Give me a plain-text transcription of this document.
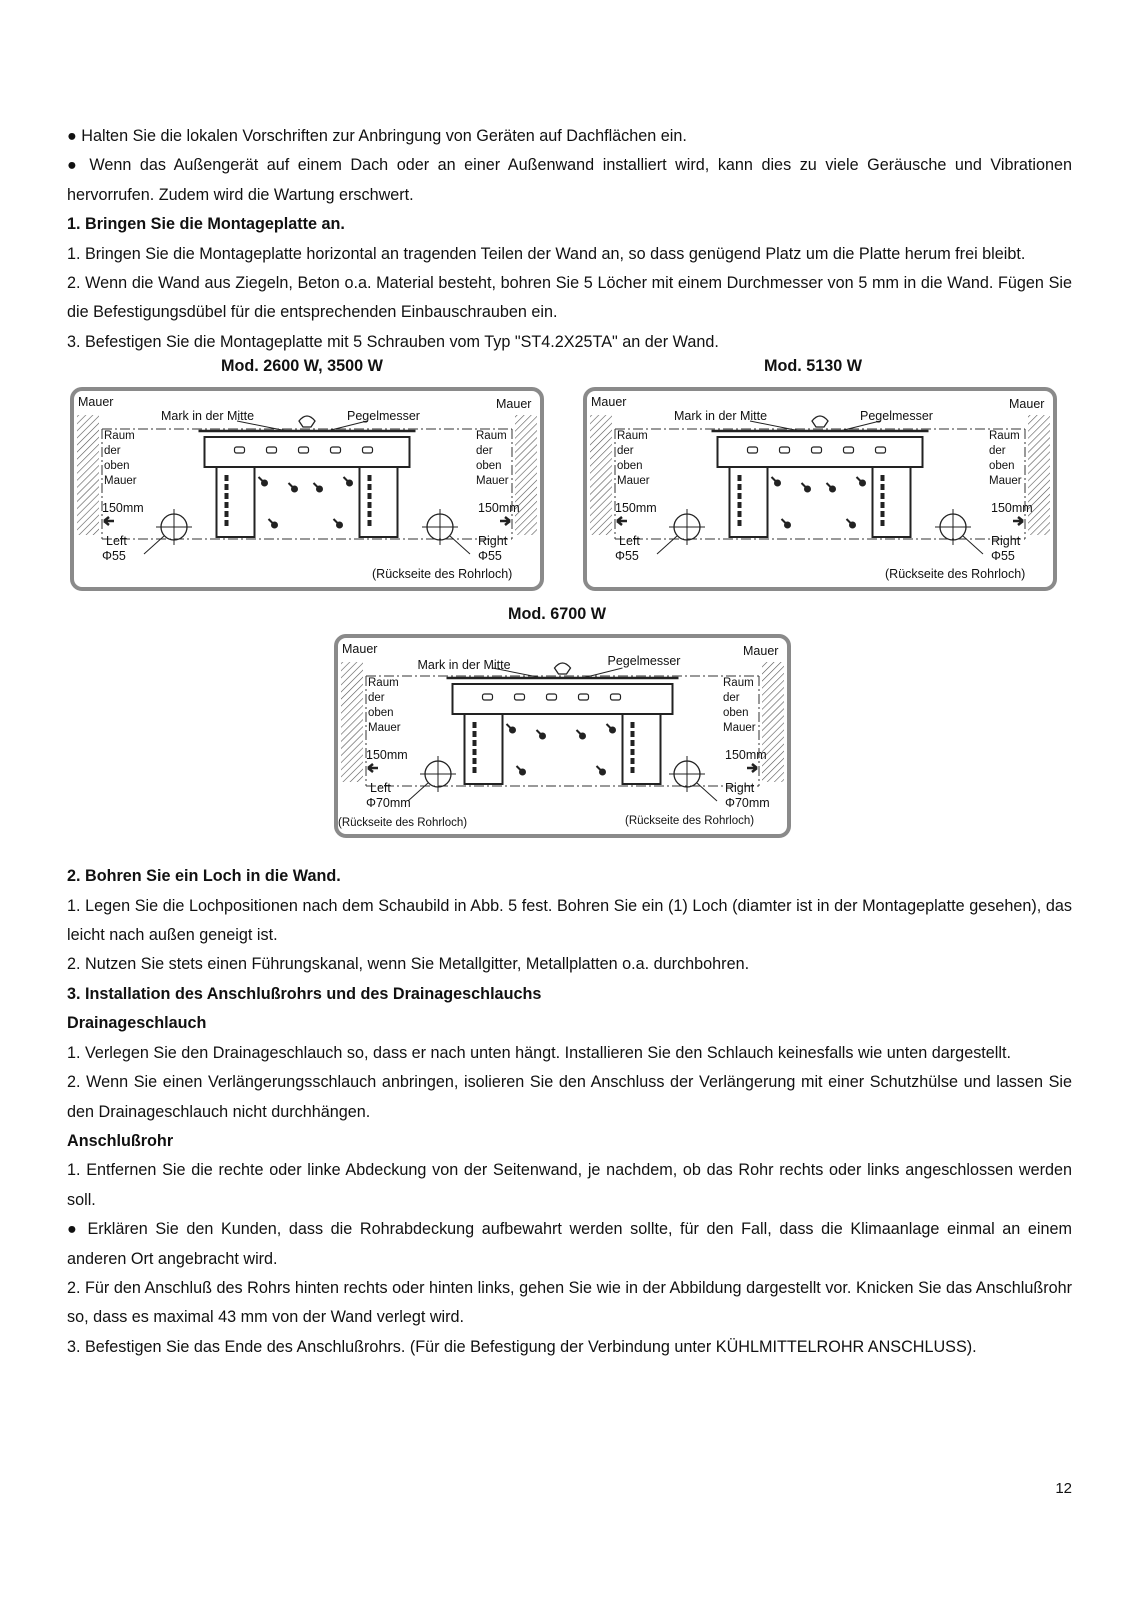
● Halten Sie die lokalen Vorschriften zur Anbringung von Geräten auf Dachflächen ein.

● Wenn das Außengerät auf einem Dach oder an einer Außenwand installiert wird, kann dies zu viele Geräusche und Vibrationen hervorrufen. Zudem wird die Wartung erschwert.

1. Bringen Sie die Montageplatte an.

1. Bringen Sie die Montageplatte horizontal an tragenden Teilen der Wand an, so dass genügend Platz um die Platte herum frei bleibt.

2. Wenn die Wand aus Ziegeln, Beton o.a. Material besteht, bohren Sie 5 Löcher mit einem Durchmesser von 5 mm in die Wand. Fügen Sie die Befestigungsdübel für die entsprechenden Einbauschrauben ein.

3. Befestigen Sie die Montageplatte mit 5 Schrauben vom Typ "ST4.2X25TA" an der Wand.

Mod. 2600 W, 3500 W	Mod. 5130 W
Mauer	Mauer
Mark in der Mitte	Pegelmesser
Raum
der
oben
Mauer
Raum
der
oben
Mauer
150mm	150mm
Left
Φ55
Right
Φ55
(Rückseite des Rohrloch)
Mauer	Mauer
Mark in der Mitte	Pegelmesser
Raum
der
oben
Mauer
Raum
der
oben
Mauer
150mm	150mm
Left
Φ55
Right
Φ55
(Rückseite des Rohrloch)
Mod. 6700 W
Mauer	Mauer
Mark in der Mitte	Pegelmesser
Raum
der
oben
Mauer
Raum
der
oben
Mauer
150mm	150mm
Left
Φ70mm
Right
Φ70mm
(Rückseite des Rohrloch)	(Rückseite des Rohrloch)

2. Bohren Sie ein Loch in die Wand.

1. Legen Sie die Lochpositionen nach dem Schaubild in Abb. 5 fest. Bohren Sie ein (1) Loch (diamter ist in der Montageplatte gesehen), das leicht nach außen geneigt ist.

2. Nutzen Sie stets einen Führungskanal, wenn Sie Metallgitter, Metallplatten o.a. durchbohren.

3. Installation des Anschlußrohrs und des Drainageschlauchs

Drainageschlauch

1. Verlegen Sie den Drainageschlauch so, dass er nach unten hängt. Installieren Sie den Schlauch keinesfalls wie unten dargestellt.

2. Wenn Sie einen Verlängerungsschlauch anbringen, isolieren Sie den Anschluss der Verlängerung mit einer Schutzhülse und lassen Sie den Drainageschlauch nicht durchhängen.

Anschlußrohr

1. Entfernen Sie die rechte oder linke Abdeckung von der Seitenwand, je nachdem, ob das Rohr rechts oder links angeschlossen werden soll.

● Erklären Sie den Kunden, dass die Rohrabdeckung aufbewahrt werden sollte, für den Fall, dass die Klimaanlage einmal an einem anderen Ort angebracht wird.

2. Für den Anschluß des Rohrs hinten rechts oder hinten links, gehen Sie wie in der Abbildung dargestellt vor. Knicken Sie das Anschlußrohr so, dass es maximal 43 mm von der Wand verlegt wird.

3. Befestigen Sie das Ende des Anschlußrohrs. (Für die Befestigung der Verbindung unter KÜHLMITTELROHR ANSCHLUSS).

12
